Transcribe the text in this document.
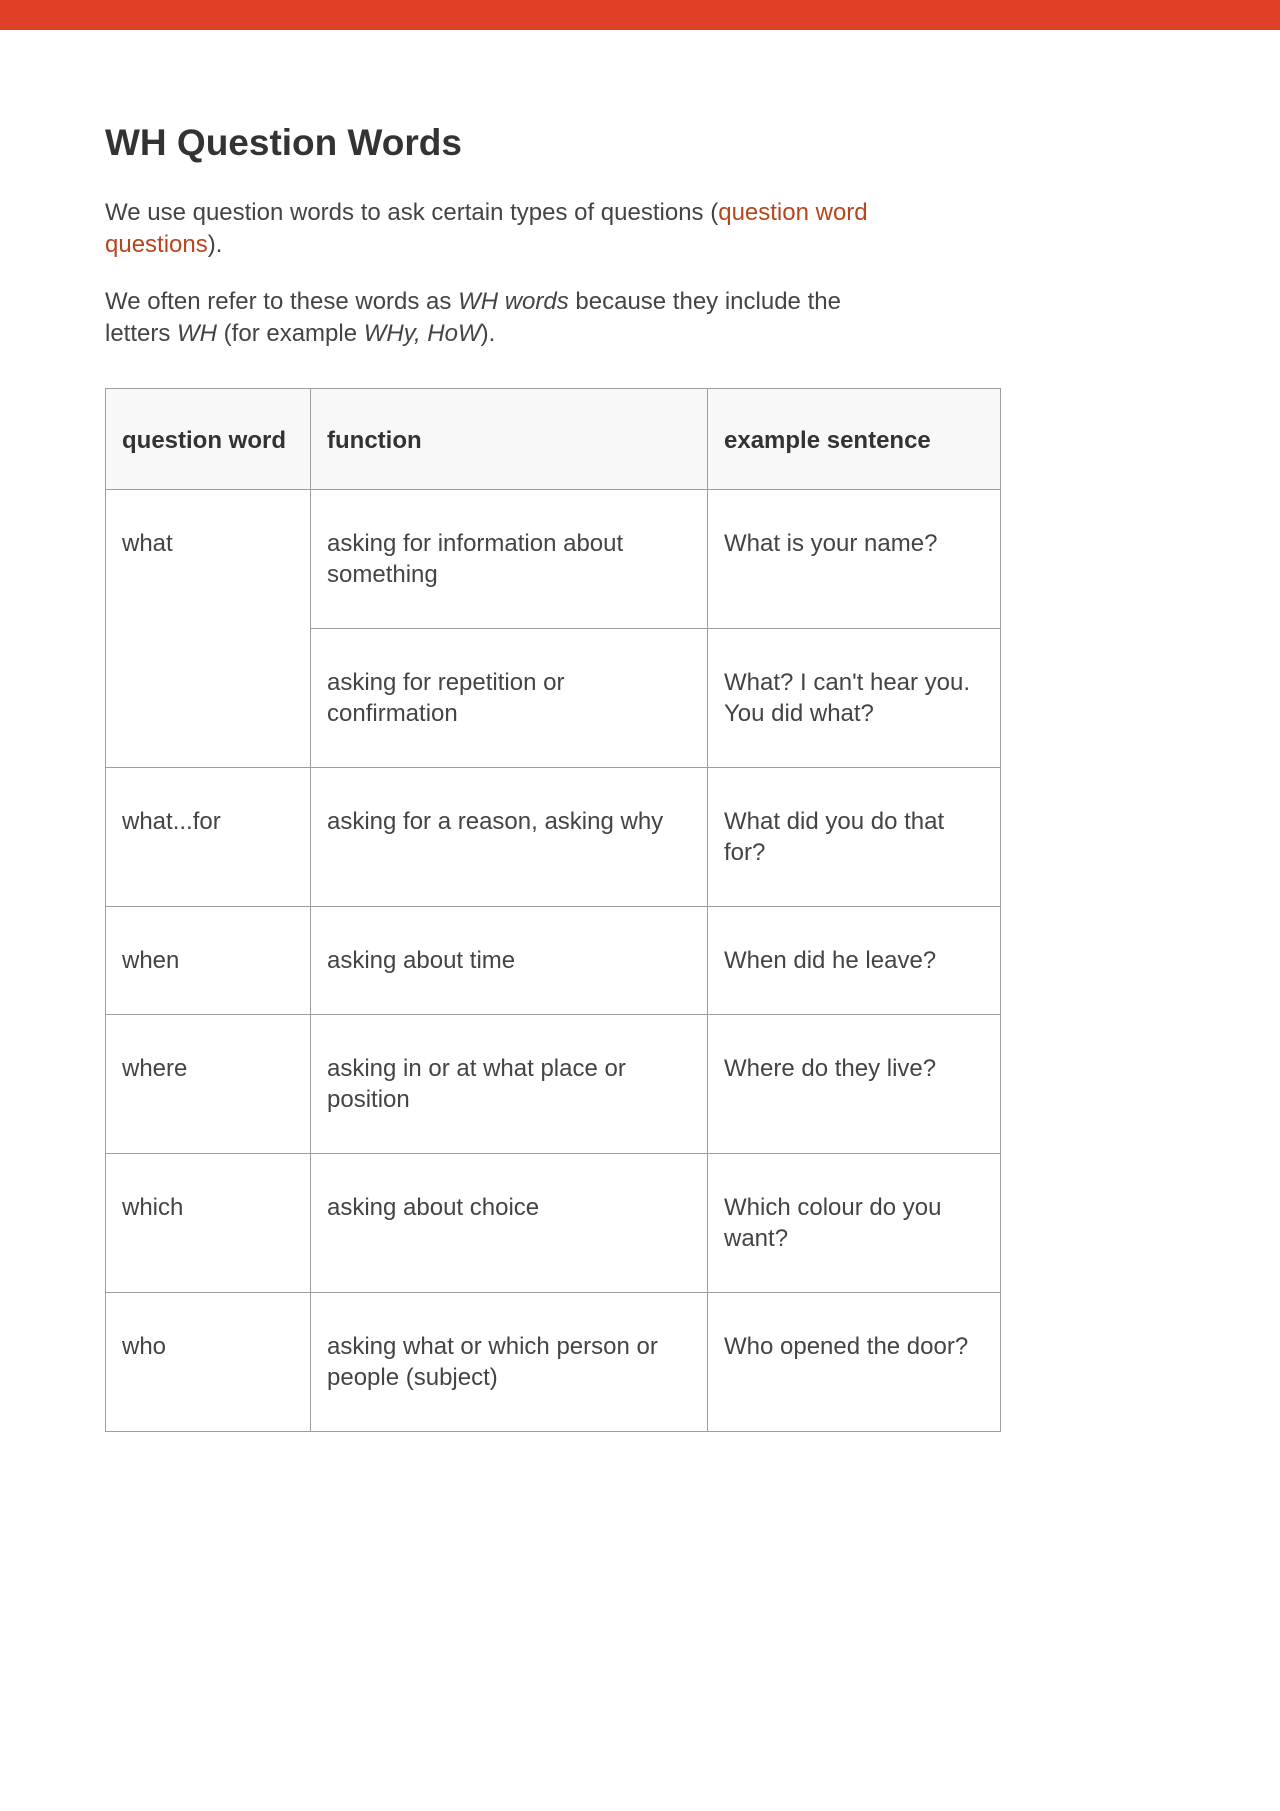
WH Question Words

We use question words to ask certain types of questions (question word questions).

We often refer to these words as WH words because they include the letters WH (for example WHy, HoW).

question word	function	example sentence
what	asking for information about something	What is your name?
	asking for repetition or confirmation	What? I can't hear you. You did what?
what...for	asking for a reason, asking why	What did you do that for?
when	asking about time	When did he leave?
where	asking in or at what place or position	Where do they live?
which	asking about choice	Which colour do you want?
who	asking what or which person or people (subject)	Who opened the door?
